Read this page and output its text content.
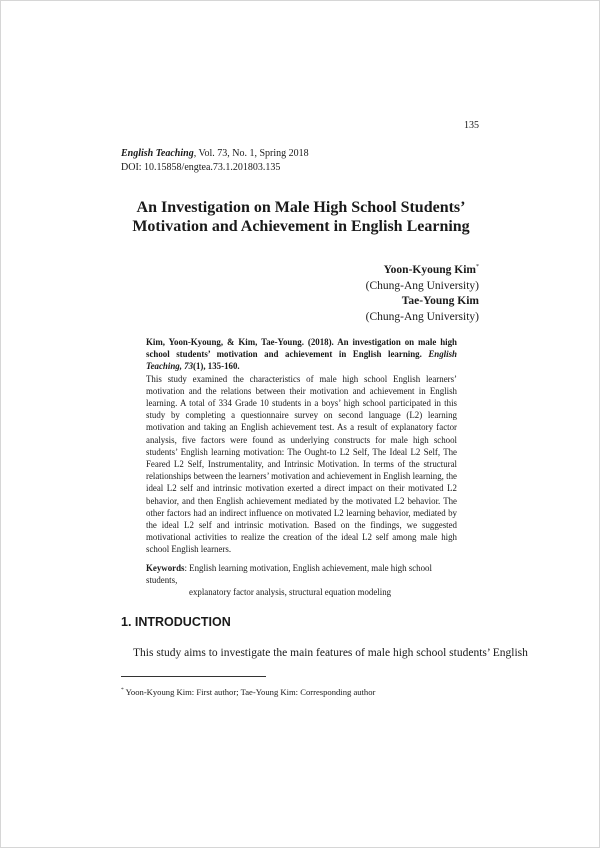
135
English Teaching, Vol. 73, No. 1, Spring 2018
DOI: 10.15858/engtea.73.1.201803.135
An Investigation on Male High School Students’
Motivation and Achievement in English Learning
Yoon-Kyoung Kim*
(Chung-Ang University)
Tae-Young Kim
(Chung-Ang University)

Kim, Yoon-Kyoung, & Kim, Tae-Young. (2018). An investigation on male high school students’ motivation and achievement in English learning. English Teaching, 73(1), 135-160.

This study examined the characteristics of male high school English learners’ motivation and the relations between their motivation and achievement in English learning. A total of 334 Grade 10 students in a boys’ high school participated in this study by completing a questionnaire survey on second language (L2) learning motivation and taking an English achievement test. As a result of explanatory factor analysis, five factors were found as underlying constructs for male high school students’ English learning motivation: The Ought-to L2 Self, The Ideal L2 Self, The Feared L2 Self, Instrumentality, and Intrinsic Motivation. In terms of the structural relationships between the learners’ motivation and achievement in English learning, the ideal L2 self and intrinsic motivation exerted a direct impact on their motivated L2 behavior, and then English achievement mediated by the motivated L2 behavior. The other factors had an indirect influence on motivated L2 learning behavior, mediated by the ideal L2 self and intrinsic motivation. Based on the findings, we suggested motivational activities to realize the creation of the ideal L2 self among male high school English learners.

Keywords: English learning motivation, English achievement, male high school students,
explanatory factor analysis, structural equation modeling
1. INTRODUCTION
This study aims to investigate the main features of male high school students’ English
* Yoon-Kyoung Kim: First author; Tae-Young Kim: Corresponding author
